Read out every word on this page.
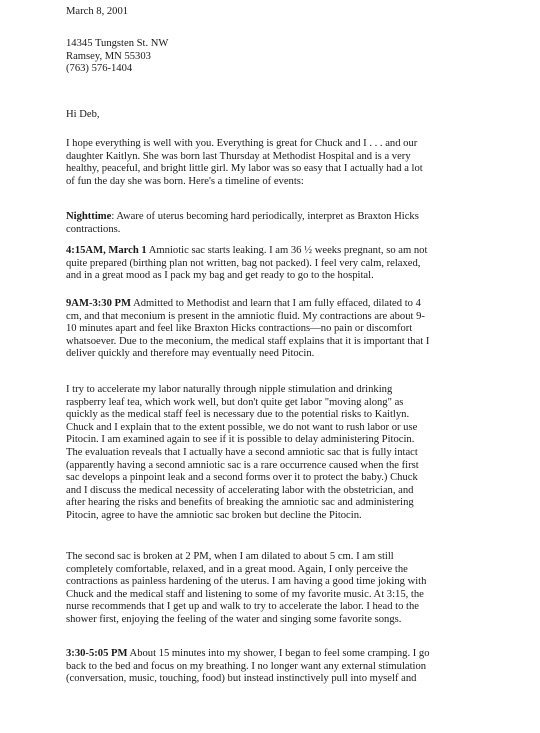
March 8, 2001

14345 Tungsten St. NW
Ramsey, MN 55303
(763) 576-1404

Hi Deb,

I hope everything is well with you. Everything is great for Chuck and I . . . and our
daughter Kaitlyn. She was born last Thursday at Methodist Hospital and is a very
healthy, peaceful, and bright little girl. My labor was so easy that I actually had a lot
of fun the day she was born. Here's a timeline of events:

Nighttime: Aware of uterus becoming hard periodically, interpret as Braxton Hicks
contractions.

4:15AM, March 1 Amniotic sac starts leaking. I am 36 ½ weeks pregnant, so am not
quite prepared (birthing plan not written, bag not packed). I feel very calm, relaxed,
and in a great mood as I pack my bag and get ready to go to the hospital.

9AM-3:30 PM Admitted to Methodist and learn that I am fully effaced, dilated to 4
cm, and that meconium is present in the amniotic fluid. My contractions are about 9-
10 minutes apart and feel like Braxton Hicks contractions—no pain or discomfort
whatsoever. Due to the meconium, the medical staff explains that it is important that I
deliver quickly and therefore may eventually need Pitocin.

I try to accelerate my labor naturally through nipple stimulation and drinking
raspberry leaf tea, which work well, but don't quite get labor "moving along" as
quickly as the medical staff feel is necessary due to the potential risks to Kaitlyn.
Chuck and I explain that to the extent possible, we do not want to rush labor or use
Pitocin. I am examined again to see if it is possible to delay administering Pitocin.
The evaluation reveals that I actually have a second amniotic sac that is fully intact
(apparently having a second amniotic sac is a rare occurrence caused when the first
sac develops a pinpoint leak and a second forms over it to protect the baby.) Chuck
and I discuss the medical necessity of accelerating labor with the obstetrician, and
after hearing the risks and benefits of breaking the amniotic sac and administering
Pitocin, agree to have the amniotic sac broken but decline the Pitocin.

The second sac is broken at 2 PM, when I am dilated to about 5 cm. I am still
completely comfortable, relaxed, and in a great mood. Again, I only perceive the
contractions as painless hardening of the uterus. I am having a good time joking with
Chuck and the medical staff and listening to some of my favorite music. At 3:15, the
nurse recommends that I get up and walk to try to accelerate the labor. I head to the
shower first, enjoying the feeling of the water and singing some favorite songs.

3:30-5:05 PM About 15 minutes into my shower, I began to feel some cramping. I go
back to the bed and focus on my breathing. I no longer want any external stimulation
(conversation, music, touching, food) but instead instinctively pull into myself and
